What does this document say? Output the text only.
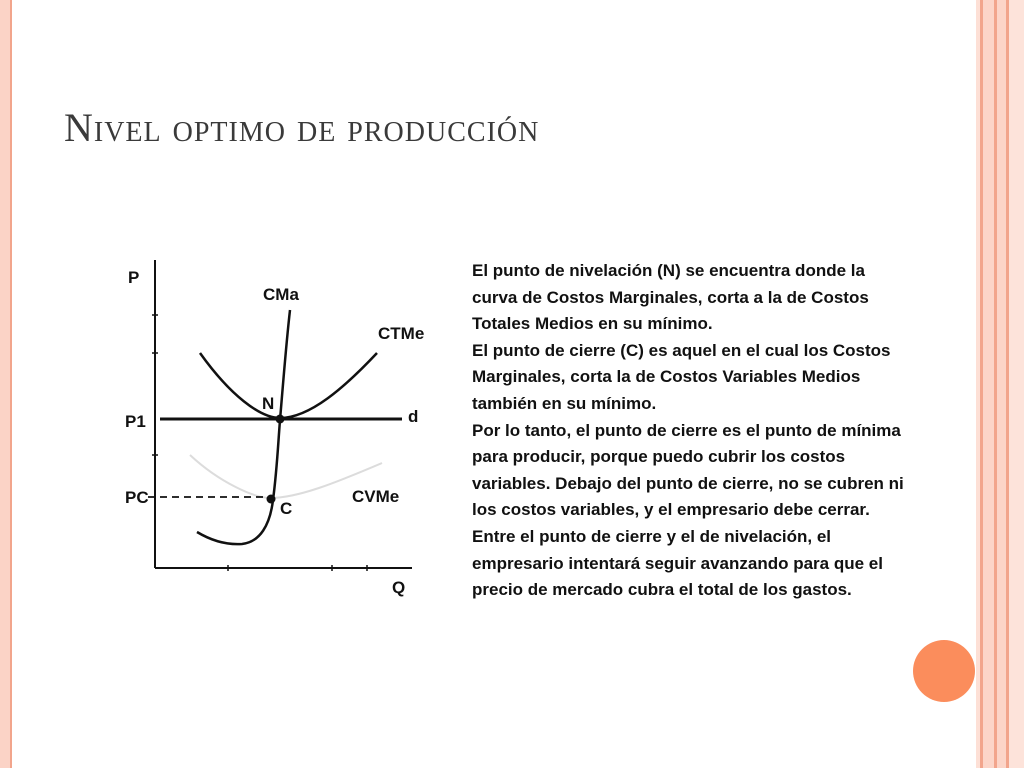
Nivel optimo de producción
P
Q
P1
PC
CMa
CTMe
CVMe
d
N
C

El punto de nivelación (N) se encuentra donde la curva de Costos Marginales, corta a la de Costos Totales Medios en su mínimo.

El punto de cierre (C) es aquel en el cual los Costos Marginales, corta la de Costos Variables Medios también en su mínimo.

Por lo tanto, el punto de cierre es el punto de mínima para producir, porque puedo cubrir los costos variables. Debajo del punto de cierre, no se cubren ni los costos variables, y el empresario debe cerrar.

Entre el punto de cierre y el de nivelación, el empresario intentará seguir avanzando para que el precio de mercado cubra el total de los gastos.
